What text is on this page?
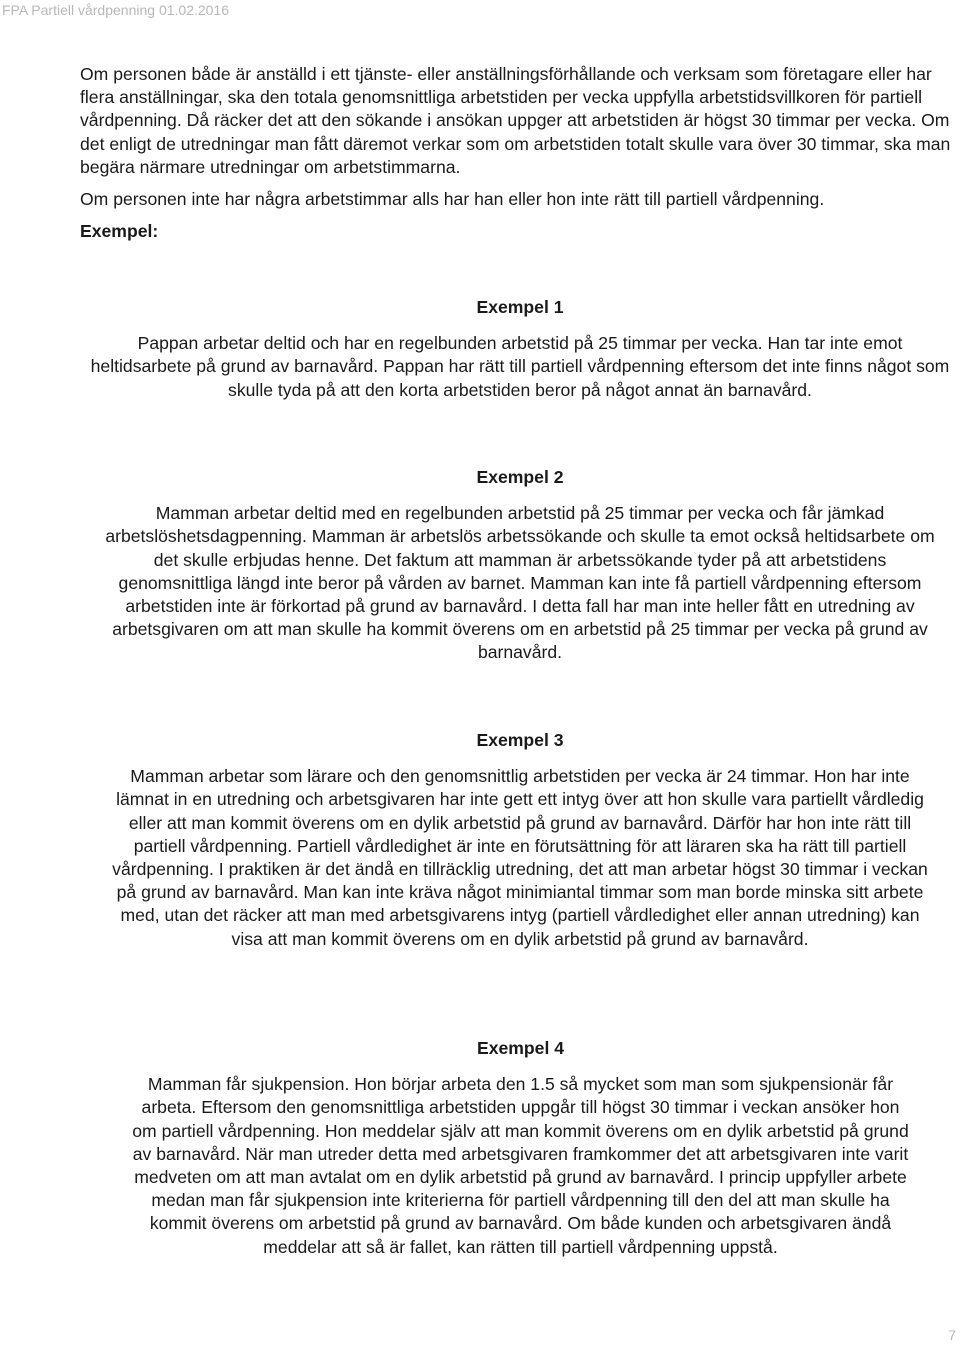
FPA Partiell vårdpenning 01.02.2016

Om personen både är anställd i ett tjänste- eller anställningsförhållande och verksam som företagare eller har flera anställningar, ska den totala genomsnittliga arbetstiden per vecka uppfylla arbetstidsvillkoren för partiell vårdpenning. Då räcker det att den sökande i ansökan uppger att arbetstiden är högst 30 timmar per vecka. Om det enligt de utredningar man fått däremot verkar som om arbetstiden totalt skulle vara över 30 timmar, ska man begära närmare utredningar om arbetstimmarna.

Om personen inte har några arbetstimmar alls har han eller hon inte rätt till partiell vårdpenning.

Exempel:

Exempel 1

Pappan arbetar deltid och har en regelbunden arbetstid på 25 timmar per vecka. Han tar inte emot heltidsarbete på grund av barnavård. Pappan har rätt till partiell vårdpenning eftersom det inte finns något som skulle tyda på att den korta arbetstiden beror på något annat än barnavård.

Exempel 2

Mamman arbetar deltid med en regelbunden arbetstid på 25 timmar per vecka och får jämkad arbetslöshetsdagpenning. Mamman är arbetslös arbetssökande och skulle ta emot också heltidsarbete om det skulle erbjudas henne. Det faktum att mamman är arbetssökande tyder på att arbetstidens genomsnittliga längd inte beror på vården av barnet. Mamman kan inte få partiell vårdpenning eftersom arbetstiden inte är förkortad på grund av barnavård. I detta fall har man inte heller fått en utredning av arbetsgivaren om att man skulle ha kommit överens om en arbetstid på 25 timmar per vecka på grund av barnavård.

Exempel 3

Mamman arbetar som lärare och den genomsnittlig arbetstiden per vecka är 24 timmar. Hon har inte lämnat in en utredning och arbetsgivaren har inte gett ett intyg över att hon skulle vara partiellt vårdledig eller att man kommit överens om en dylik arbetstid på grund av barnavård. Därför har hon inte rätt till partiell vårdpenning. Partiell vårdledighet är inte en förutsättning för att läraren ska ha rätt till partiell vårdpenning. I praktiken är det ändå en tillräcklig utredning, det att man arbetar högst 30 timmar i veckan på grund av barnavård. Man kan inte kräva något minimiantal timmar som man borde minska sitt arbete med, utan det räcker att man med arbetsgivarens intyg (partiell vårdledighet eller annan utredning) kan visa att man kommit överens om en dylik arbetstid på grund av barnavård.

Exempel 4

Mamman får sjukpension. Hon börjar arbeta den 1.5 så mycket som man som sjukpensionär får arbeta. Eftersom den genomsnittliga arbetstiden uppgår till högst 30 timmar i veckan ansöker hon om partiell vårdpenning. Hon meddelar själv att man kommit överens om en dylik arbetstid på grund av barnavård. När man utreder detta med arbetsgivaren framkommer det att arbetsgivaren inte varit medveten om att man avtalat om en dylik arbetstid på grund av barnavård. I princip uppfyller arbete medan man får sjukpension inte kriterierna för partiell vårdpenning till den del att man skulle ha kommit överens om arbetstid på grund av barnavård. Om både kunden och arbetsgivaren ändå meddelar att så är fallet, kan rätten till partiell vårdpenning uppstå.

7
